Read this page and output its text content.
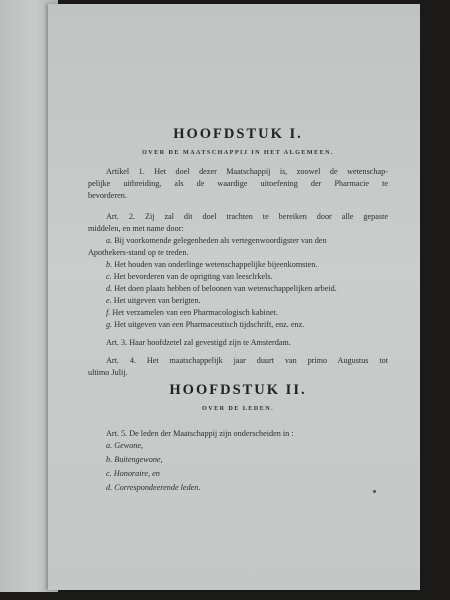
HOOFDSTUK I.
OVER DE MAATSCHAPPIJ IN HET ALGEMEEN.
Artikel 1. Het doel dezer Maatschappij is, zoowel de wetenschap-
pelijke uitbreiding, als de waardige uitoefening der Pharmacie te
bevorderen.
Art. 2. Zij zal dit doel trachten te bereiken door alle gepaste
middelen, en met name door:
a. Bij voorkomende gelegenheden als vertegenwoordigster van den
Apothekers-stand op te treden.
b. Het houden van onderlinge wetenschappelijke bijeenkomsten.
c. Het bevorderen van de oprigting van leesclrkels.
d. Het doen plaats hebben of beloonen van wetenschappelijken arbeid.
e. Het uitgeven van berigten.
f. Het verzamelen van een Pharmacologisch kabinet.
g. Het uitgeven van een Pharmaceutisch tijdschrift, enz. enz.
Art. 3. Haar hoofdzetel zal gevestigd zijn te Amsterdam.
Art. 4. Het maatschappelijk jaar duurt van primo Augustus tot
ultimo Julij.
HOOFDSTUK II.
OVER DE LEDEN.
Art. 5. De leden der Maatschappij zijn onderscheiden in :
a. Gewone,
b. Buitengewone,
c. Honoraire, en
d. Correspondeerende leden.
